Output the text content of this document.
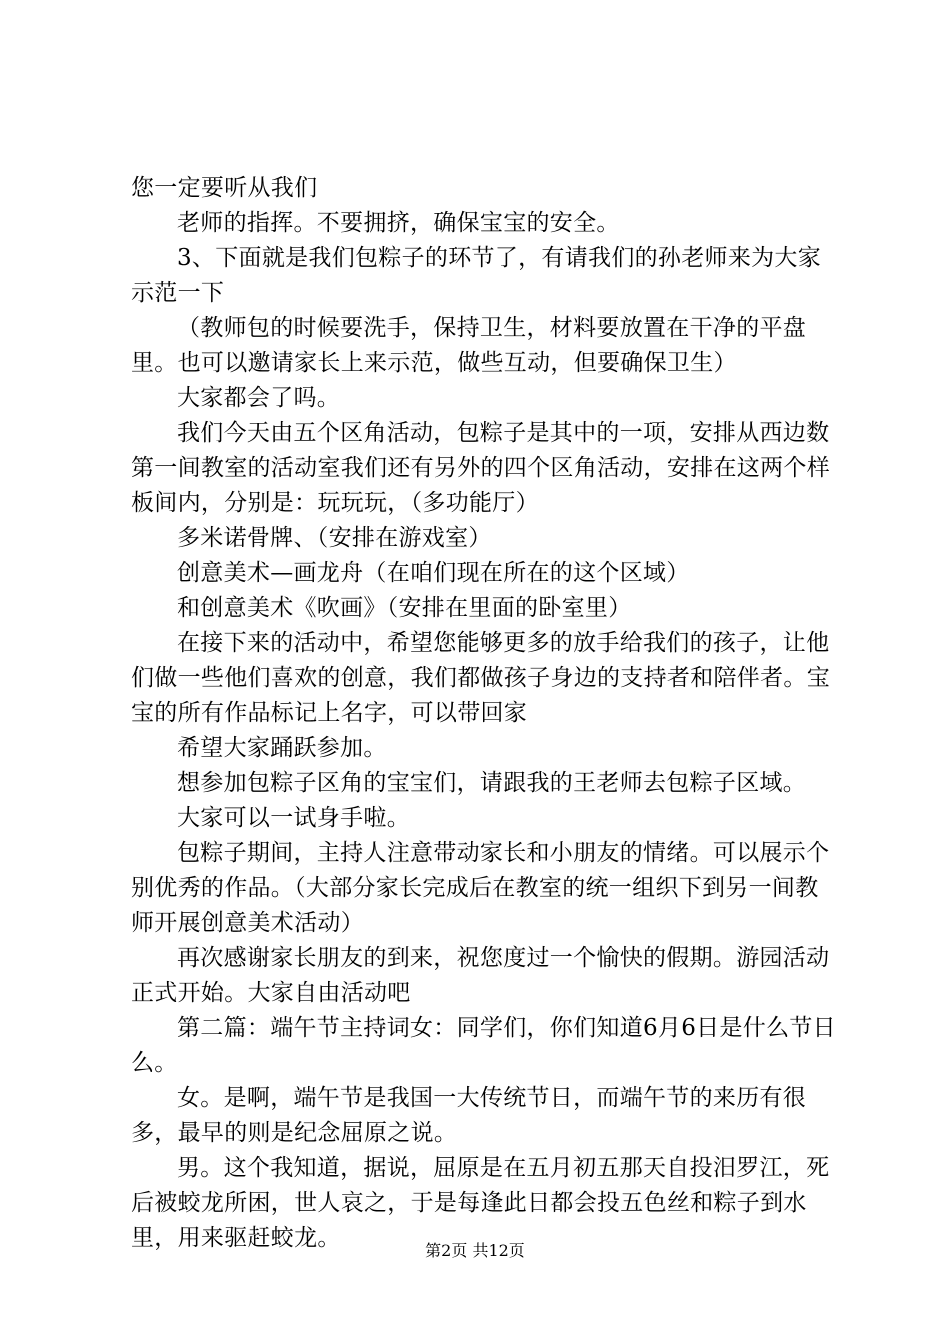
您一定要听从我们

老师的指挥。不要拥挤，确保宝宝的安全。

3、下面就是我们包粽子的环节了，有请我们的孙老师来为大家示范一下

（教师包的时候要洗手，保持卫生，材料要放置在干净的平盘里。也可以邀请家长上来示范，做些互动，但要确保卫生）

大家都会了吗。

我们今天由五个区角活动，包粽子是其中的一项，安排从西边数第一间教室的活动室我们还有另外的四个区角活动，安排在这两个样板间内，分别是：玩玩玩，（多功能厅）

多米诺骨牌、（安排在游戏室）

创意美术—画龙舟（在咱们现在所在的这个区域）

和创意美术《吹画》（安排在里面的卧室里）

在接下来的活动中，希望您能够更多的放手给我们的孩子，让他们做一些他们喜欢的创意，我们都做孩子身边的支持者和陪伴者。宝宝的所有作品标记上名字，可以带回家

希望大家踊跃参加。

想参加包粽子区角的宝宝们，请跟我的王老师去包粽子区域。

大家可以一试身手啦。

包粽子期间，主持人注意带动家长和小朋友的情绪。可以展示个别优秀的作品。（大部分家长完成后在教室的统一组织下到另一间教师开展创意美术活动）

再次感谢家长朋友的到来，祝您度过一个愉快的假期。游园活动正式开始。大家自由活动吧

第二篇：端午节主持词女：同学们，你们知道6月6日是什么节日么。

女。是啊，端午节是我国一大传统节日，而端午节的来历有很多，最早的则是纪念屈原之说。

男。这个我知道，据说，屈原是在五月初五那天自投汨罗江，死后被蛟龙所困，世人哀之，于是每逢此日都会投五色丝和粽子到水里，用来驱赶蛟龙。	第2页 共12页
